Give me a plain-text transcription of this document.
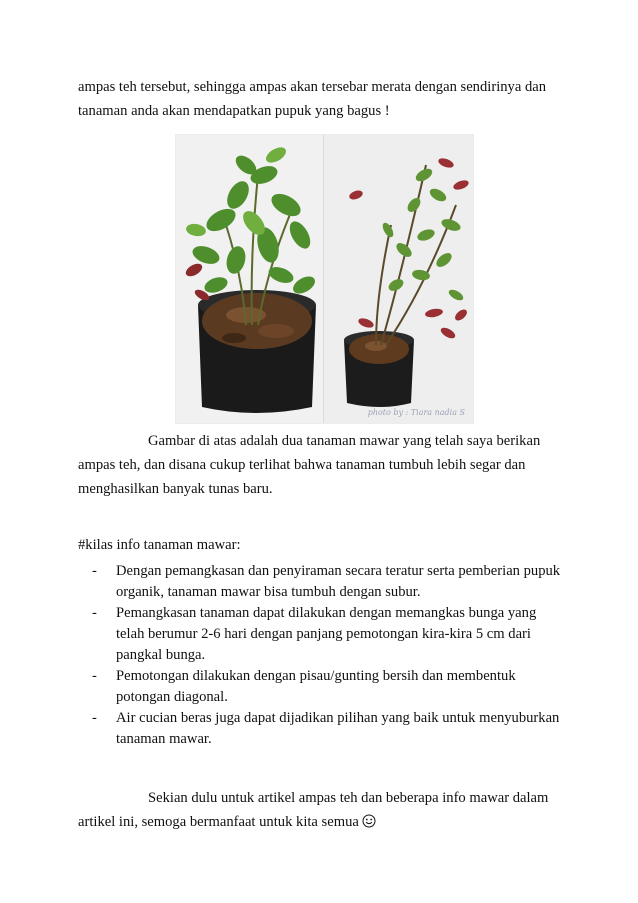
ampas teh tersebut, sehingga ampas akan tersebar merata dengan sendirinya dan tanaman anda akan mendapatkan pupuk yang bagus !

photo by : Tiara nadia S

Gambar di atas adalah dua tanaman mawar yang telah saya berikan ampas teh, dan disana cukup terlihat bahwa tanaman tumbuh lebih segar dan menghasilkan banyak tunas baru.

#kilas info tanaman mawar:

- Dengan pemangkasan dan penyiraman secara teratur serta pemberian pupuk organik, tanaman mawar bisa tumbuh dengan subur.
- Pemangkasan tanaman dapat dilakukan dengan memangkas bunga yang telah berumur 2-6 hari dengan panjang pemotongan kira-kira 5 cm dari pangkal bunga.
- Pemotongan dilakukan dengan pisau/gunting bersih dan membentuk potongan diagonal.
- Air cucian beras juga dapat dijadikan pilihan yang baik untuk menyuburkan tanaman mawar.

Sekian dulu untuk artikel ampas teh dan beberapa info mawar dalam artikel ini, semoga bermanfaat untuk kita semua
